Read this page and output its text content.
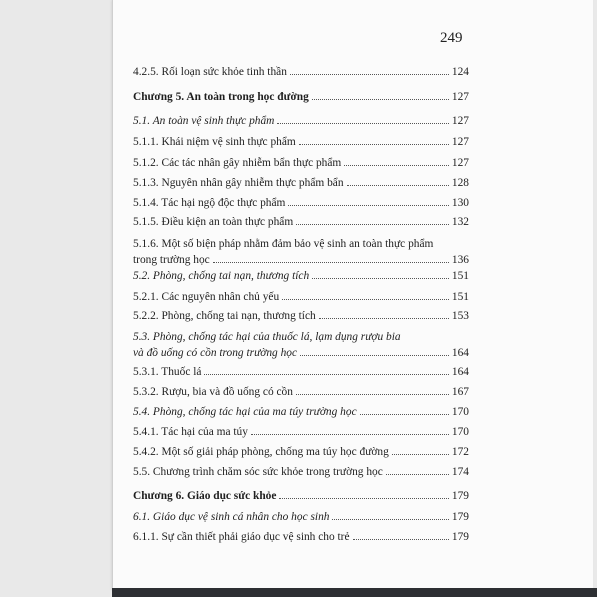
249
4.2.5. Rối loạn sức khỏe tinh thần	124
Chương 5. An toàn trong học đường	127
5.1. An toàn vệ sinh thực phẩm	127
5.1.1. Khái niệm vệ sinh thực phẩm	127
5.1.2. Các tác nhân gây nhiễm bẩn thực phẩm	127
5.1.3. Nguyên nhân gây nhiễm thực phẩm bẩn	128
5.1.4. Tác hại ngộ độc thực phẩm	130
5.1.5. Điều kiện an toàn thực phẩm	132
5.1.6. Một số biện pháp nhằm đảm bảo vệ sinh an toàn thực phẩm
trong trường học	136
5.2. Phòng, chống tai nạn, thương tích	151
5.2.1. Các nguyên nhân chủ yếu	151
5.2.2. Phòng, chống tai nạn, thương tích	153
5.3. Phòng, chống tác hại của thuốc lá, lạm dụng rượu bia
và đồ uống có cồn trong trường học	164
5.3.1. Thuốc lá	164
5.3.2. Rượu, bia và đồ uống có cồn	167
5.4. Phòng, chống tác hại của ma túy trường học	170
5.4.1. Tác hại của ma túy	170
5.4.2. Một số giải pháp phòng, chống ma túy học đường	172
5.5. Chương trình chăm sóc sức khỏe trong trường học	174
Chương 6. Giáo dục sức khỏe	179
6.1. Giáo dục vệ sinh cá nhân cho học sinh	179
6.1.1. Sự cần thiết phải giáo dục vệ sinh cho trẻ	179
